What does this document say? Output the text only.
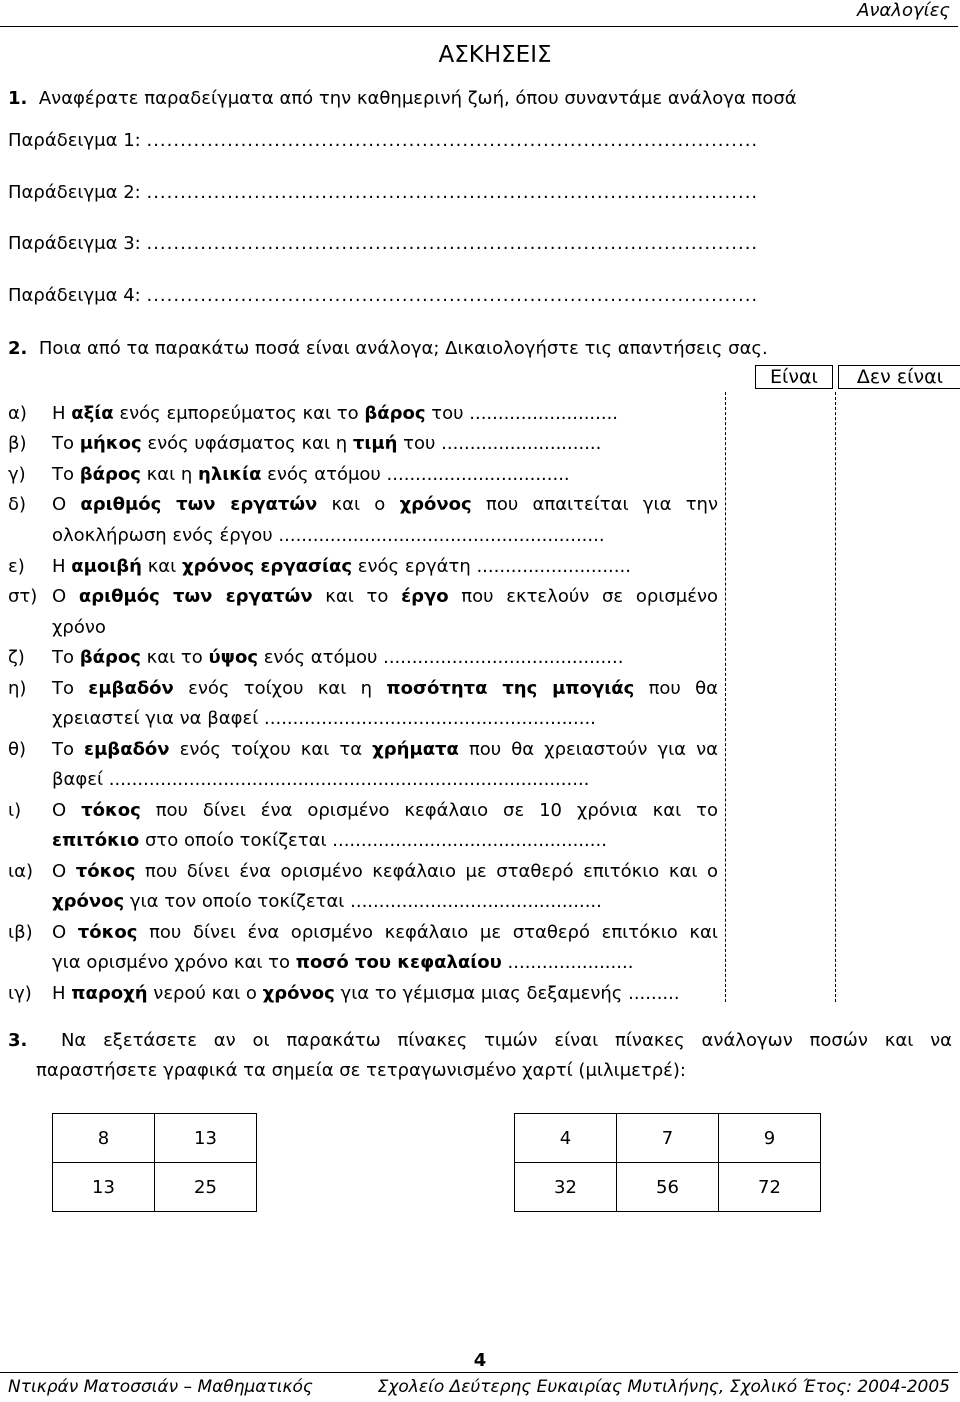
Αναλογίες
ΑΣΚΗΣΕΙΣ
1. Αναφέρατε παραδείγματα από την καθημερινή ζωή, όπου συναντάμε ανάλογα ποσά
Παράδειγμα 1: ...........................................................................................
Παράδειγμα 2: ...........................................................................................
Παράδειγμα 3: ...........................................................................................
Παράδειγμα 4: ...........................................................................................
2. Ποια από τα παρακάτω ποσά είναι ανάλογα; Δικαιολογήστε τις απαντήσεις σας.
Είναι	Δεν είναι
α) Η αξία ενός εμπορεύματος και το βάρος του ..........................
β) Το μήκος ενός υφάσματος και η τιμή του ............................
γ) Το βάρος και η ηλικία ενός ατόμου ................................
δ) Ο αριθμός των εργατών και ο χρόνος που απαιτείται για την
ολοκλήρωση ενός έργου .........................................................
ε) Η αμοιβή και χρόνος εργασίας ενός εργάτη ...........................
στ) Ο αριθμός των εργατών και το έργο που εκτελούν σε ορισμένο
χρόνο
ζ) Το βάρος και το ύψος ενός ατόμου ..........................................
η) Το εμβαδόν ενός τοίχου και η ποσότητα της μπογιάς που θα
χρειαστεί για να βαφεί ..........................................................
θ) Το εμβαδόν ενός τοίχου και τα χρήματα που θα χρειαστούν για να
βαφεί ....................................................................................
ι) Ο τόκος που δίνει ένα ορισμένο κεφάλαιο σε 10 χρόνια και το
επιτόκιο στο οποίο τοκίζεται ................................................
ια) Ο τόκος που δίνει ένα ορισμένο κεφάλαιο με σταθερό επιτόκιο και ο
χρόνος για τον οποίο τοκίζεται ............................................
ιβ) Ο τόκος που δίνει ένα ορισμένο κεφάλαιο με σταθερό επιτόκιο και
για ορισμένο χρόνο και το ποσό του κεφαλαίου ......................
ιγ) Η παροχή νερού και ο χρόνος για το γέμισμα μιας δεξαμενής .........
3. Να εξετάσετε αν οι παρακάτω πίνακες τιμών είναι πίνακες ανάλογων ποσών και να
παραστήσετε γραφικά τα σημεία σε τετραγωνισμένο χαρτί (μιλιμετρέ):
8	13
13	25
4	7	9
32	56	72
4
Ντικράν Ματοσσιάν – Μαθηματικός	Σχολείο Δεύτερης Ευκαιρίας Μυτιλήνης, Σχολικό Έτος: 2004-2005
